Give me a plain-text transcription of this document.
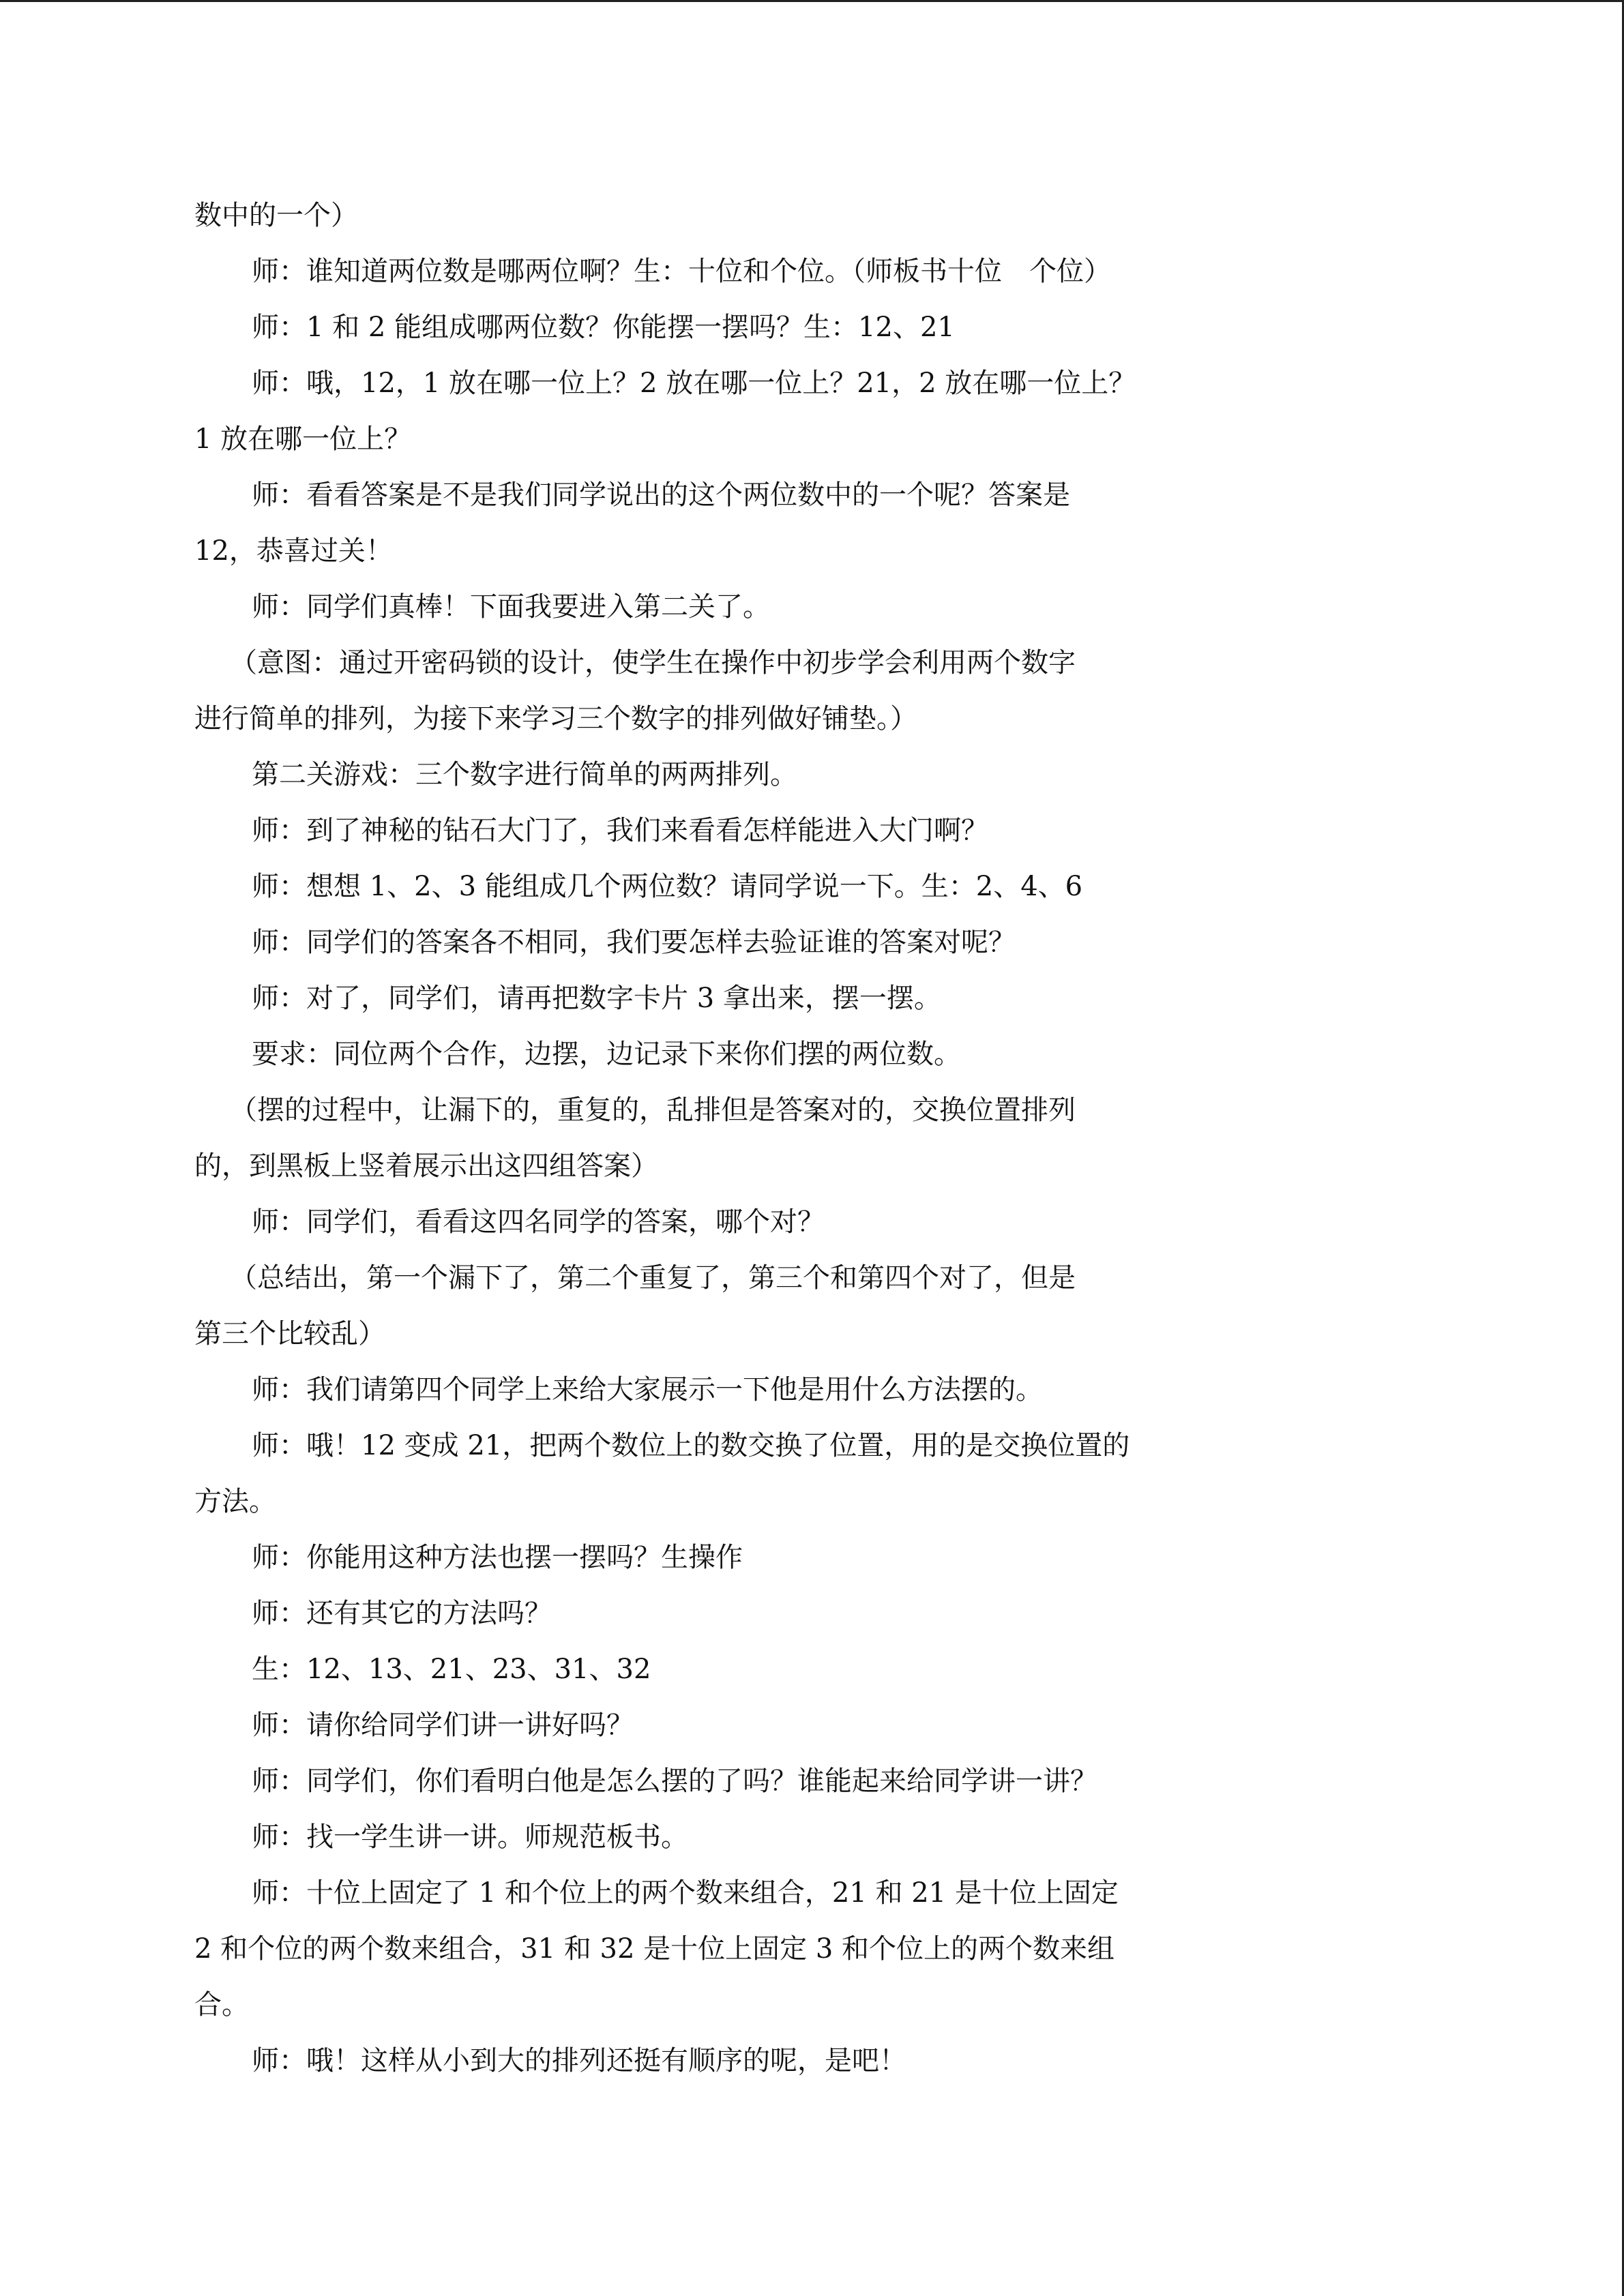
数中的一个）

师：谁知道两位数是哪两位啊？生：十位和个位。（师板书十位　个位）

师：1 和 2 能组成哪两位数？你能摆一摆吗？生：12、21

师：哦，12，1 放在哪一位上？2 放在哪一位上？21，2 放在哪一位上？

1 放在哪一位上？

师：看看答案是不是我们同学说出的这个两位数中的一个呢？答案是

12，恭喜过关！

师：同学们真棒！下面我要进入第二关了。

（意图：通过开密码锁的设计，使学生在操作中初步学会利用两个数字

进行简单的排列，为接下来学习三个数字的排列做好铺垫。）

第二关游戏：三个数字进行简单的两两排列。

师：到了神秘的钻石大门了，我们来看看怎样能进入大门啊？

师：想想 1、2、3 能组成几个两位数？请同学说一下。生：2、4、6

师：同学们的答案各不相同，我们要怎样去验证谁的答案对呢？

师：对了，同学们，请再把数字卡片 3 拿出来，摆一摆。

要求：同位两个合作，边摆，边记录下来你们摆的两位数。

（摆的过程中，让漏下的，重复的，乱排但是答案对的，交换位置排列

的，到黑板上竖着展示出这四组答案）

师：同学们，看看这四名同学的答案，哪个对？

（总结出，第一个漏下了，第二个重复了，第三个和第四个对了，但是

第三个比较乱）

师：我们请第四个同学上来给大家展示一下他是用什么方法摆的。

师：哦！12 变成 21，把两个数位上的数交换了位置，用的是交换位置的

方法。

师：你能用这种方法也摆一摆吗？生操作

师：还有其它的方法吗？

生：12、13、21、23、31、32

师：请你给同学们讲一讲好吗？

师：同学们，你们看明白他是怎么摆的了吗？谁能起来给同学讲一讲？

师：找一学生讲一讲。师规范板书。

师：十位上固定了 1 和个位上的两个数来组合，21 和 21 是十位上固定

2 和个位的两个数来组合，31 和 32 是十位上固定 3 和个位上的两个数来组

合。

师：哦！这样从小到大的排列还挺有顺序的呢，是吧！
